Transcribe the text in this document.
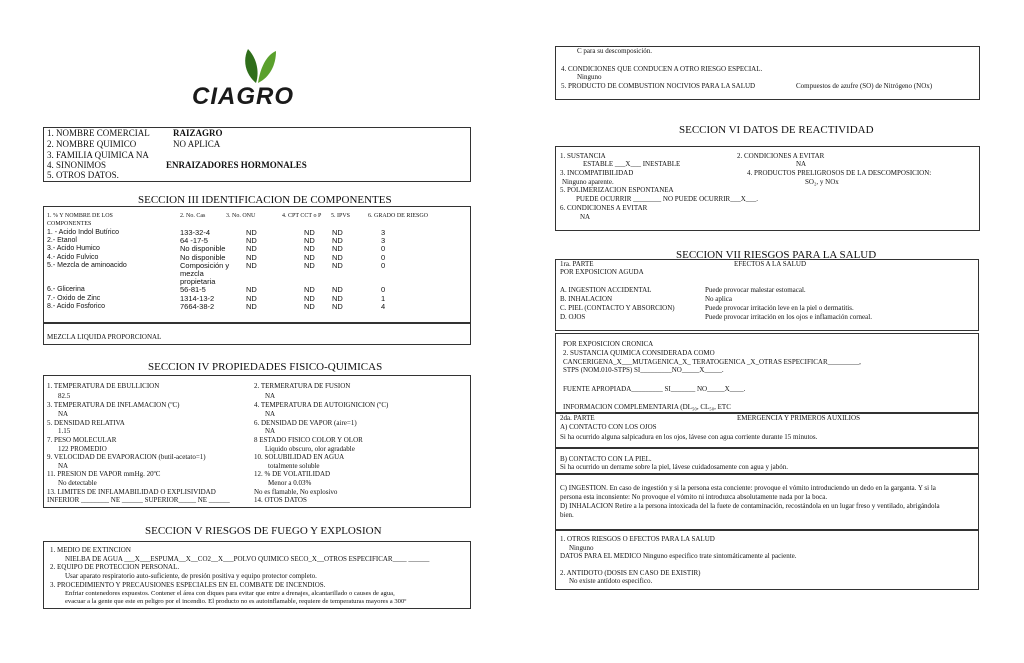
CIAGRO
1. NOMBRE COMERCIAL	RAIZAGRO
2. NOMBRE QUIMICO	NO APLICA
3. FAMILIA QUIMICA NA
4. SINONIMOS	ENRAIZADORES HORMONALES
5. OTROS DATOS.
SECCION III IDENTIFICACION DE COMPONENTES
1. % Y NOMBRE DE LOS	2. No. Cas	3. No. ONU	4. CPT CCT o P 5. IPVS	6. GRADO DE RIESGO
COMPONENTES
1. - Acido Indol Butírico	133-32-4	ND	ND ND	3
2.- Etanol	64 -17-5	ND	ND ND	3
3.- Acido Humico	No disponible	ND	ND ND	0
4.- Acido Fulvico	No disponible	ND	ND ND	0
5.- Mezcla de aminoacido	Composición y ND	ND ND	0
mezcla
propietaria
6.- Glicerina	56-81-5	ND	ND ND	0
7.- Oxido de Zinc	1314-13-2	ND	ND ND	1
8.- Acido Fosforico	7664-38-2	ND	ND ND	4
MEZCLA LIQUIDA PROPORCIONAL
SECCION IV PROPIEDADES FISICO-QUIMICAS
1. TEMPERATURA DE EBULLICION
82.5
3. TEMPERATURA DE INFLAMACION (ºC)
NA
5. DENSIDAD RELATIVA
1.15
7. PESO MOLECULAR
122 PROMEDIO
9. VELOCIDAD DE EVAPORACION (butil-acetato=1)
NA
11. PRESION DE VAPOR mmHg. 20ºC
No detectable
13. LIMITES DE INFLAMABILIDAD O EXPLISIVIDAD
INFERIOR ________ NE ______ SUPERIOR_____ NE ______
2. TERMERATURA DE FUSION
NA
4. TEMPERATURA DE AUTOIGNICION (ºC)
NA
6. DENSIDAD DE VAPOR (aire=1)
NA
8 ESTADO FISICO COLOR Y OLOR
Liquido obscuro, olor agradable
10. SOLUBILIDAD EN AGUA
totalmente soluble
12. % DE VOLATILIDAD
Menor a 0.03%
No es flamable, No explosivo
14. OTOS DATOS
SECCION V RIESGOS DE FUEGO Y EXPLOSION
1. MEDIO DE EXTINCION
NIELBA DE AGUA ___X___ESPUMA__X__CO2__X___POLVO QUIMICO SECO_X__OTROS ESPECIFICAR____ ______
2. EQUIPO DE PROTECCION PERSONAL.
Usar aparato respiratorio auto-suficiente, de presión positiva y equipo protector completo.
3. PROCEDIMIENTO Y PRECAUSIONES ESPECIALES EN EL COMBATE DE INCENDIOS.
Enfriar contenedores expuestos. Contener el área con diques para evitar que entre a drenajes, alcantarillado o causes de agua,
evacuar a la gente que este en peligro por el incendio. El producto no es autoinflamable, requiere de temperaturas mayores a 300º
C para su descomposición.
4. CONDICIONES QUE CONDUCEN A OTRO RIESGO ESPECIAL.
Ninguno
5. PRODUCTO DE COMBUSTION NOCIVIOS PARA LA SALUD	Compuestos de azufre (SO) de Nitrógeno (NOx)
SECCION VI DATOS DE REACTIVIDAD
1. SUSTANCIA	2. CONDICIONES A EVITAR
ESTABLE ___X___ INESTABLE	NA
3. INCOMPATIBILIDAD	4. PRODUCTOS PRELIGROSOS DE LA DESCOMPOSICION:
Ninguno aparente.	SO₂, y NOx
5. POLIMERIZACION ESPONTANEA
PUEDE OCURRIR ________ NO PUEDE OCURRIR___X___.
6. CONDICIONES A EVITAR
NA
SECCION VII RIESGOS PARA LA SALUD
1ra. PARTE	EFECTOS A LA SALUD
POR EXPOSICION AGUDA
A. INGESTION ACCIDENTAL	Puede provocar malestar estomacal.
B. INHALACION	No aplica
C. PIEL (CONTACTO Y ABSORCION)	Puede provocar irritación leve en la piel o dermatitis.
D. OJOS	Puede provocar irritación en los ojos e inflamación corneal.
POR EXPOSICION CRONICA
2. SUSTANCIA QUIMICA CONSIDERADA COMO
CANCERIGENA_X___MUTAGENICA_X_ TERATOGENICA _X_OTRAS ESPECIFICAR_________,
STPS (NOM.010-STPS) SI_________NO_____X_____.
FUENTE APROPIADA_________ SI_______ NO_____X____.
INFORMACION COMPLEMENTARIA (DL₅₀, CL₅₀, ETC
2da. PARTE	EMERGENCIA Y PRIMEROS AUXILIOS
A) CONTACTO CON LOS OJOS
Si ha ocurrido alguna salpicadura en los ojos, lávese con agua corriente durante 15 minutos.
B) CONTACTO CON LA PIEL.
Si ha ocurrido un derrame sobre la piel, lávese cuidadosamente con agua y jabón.
C) INGESTION. En caso de ingestión y si la persona esta conciente: provoque el vómito introduciendo un dedo en la garganta. Y si la
persona esta inconsiente: No provoque el vómito ni introduzca absolutamente nada por la boca.
D) INHALACION Retire a la persona intoxicada del la fuete de contaminación, recostándola en un lugar freso y ventilado, abrigándola
bien.
1. OTROS RIESGOS O EFECTOS PARA LA SALUD
Ninguno
DATOS PARA EL MEDICO Ninguno especifico trate sintomáticamente al paciente.
2. ANTIDOTO (DOSIS EN CASO DE EXISTIR)
No existe antídoto especifico.
